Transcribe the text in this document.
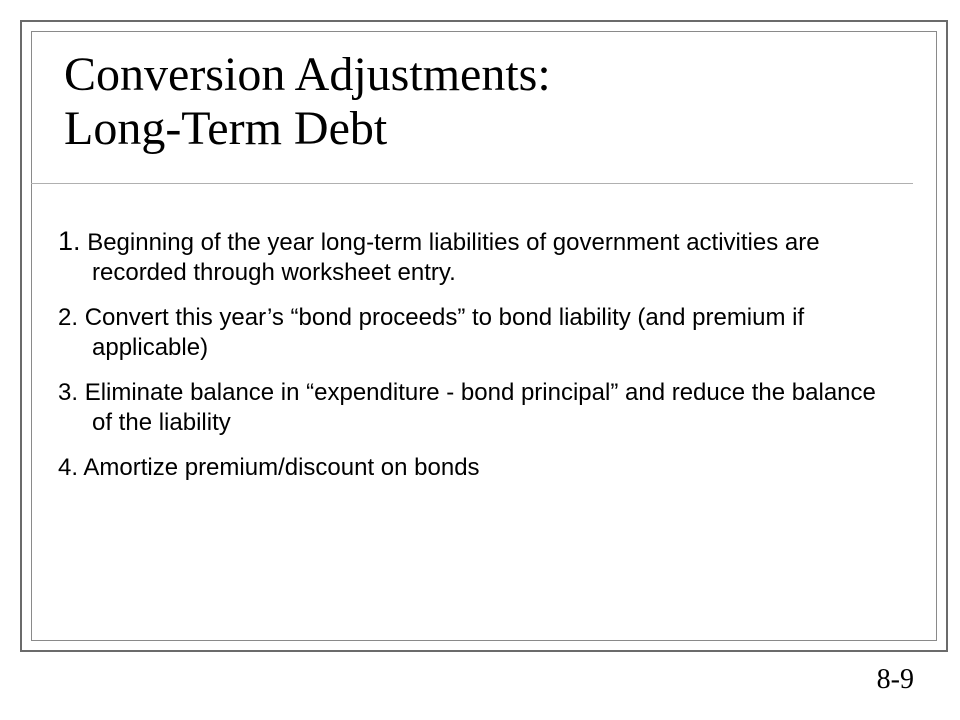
Conversion Adjustments:
Long-Term Debt
1. Beginning of the year long-term liabilities of government activities are recorded through worksheet entry.
2. Convert this year’s “bond proceeds” to bond liability (and premium if applicable)
3. Eliminate balance in “expenditure - bond principal” and reduce the balance of the liability
4. Amortize premium/discount on bonds
8-9
